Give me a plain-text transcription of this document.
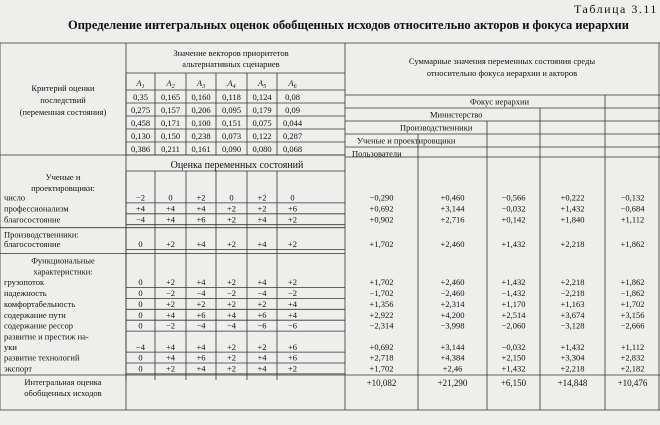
Таблица 3.11
Определение интегральных оценок обобщенных исходов относительно акторов и фокуса иерархии
Значение векторов приоритетов
альтернативных сценариев	Суммарные значения переменных состояния среды
относительно фокуса иерархии и акторов
$A_1$	$A_2$	$A_3$	$A_4$	$A_5$	$A_6$
Критерий оценки
последствий
(переменная состояния)
0,35 0,165 0,160 0,118 0,124 0,08
0,275 0,157 0,206 0,095 0,179 0,09
0,458 0,171 0,100 0,151 0,075 0,044
0,130 0,150 0,238 0,073 0,122 0,287
0,386 0,211 0,161 0,090 0,080 0,068
Фокус иерархии
Министерство
Производственники
Ученые и проектировщики
Пользователи
Оценка переменных состояний
Ученые и
проектировщики:
число	−2	0	+2	0	+2	0	−0,290	+0,460	−0,566	+0,222	−0,132
профессионализм	+4 +4	+4	+2	+2	+6	+0,692	+3,144	−0,032	+1,432	−0,684
благосостояние	−4 +4	+6	+2	+4	+2	+0,902	+2,716	+0,142	+1,840	+1,112
Производственники:
благосостояние	0	+2	+4	+2	+4	+2	+1,702	+2,460	+1,432	+2,218	+1,862
Функциональные
характеристики:
грузопоток	0	+2	+4	+2	+4	+2	+1,702	+2,460	+1,432	+2,218	+1,862
надежность	0	−2	−4	−2	−4	−2	−1,702	−2,460	−1,432	−2,218	−1,862
комфортабельность	0	+2	+2	+2	+2	+4	+1,356	+2,314	+1,170	+1,163	+1,702
содержание пути	0	+4	+6	+4	+6	+4	+2,922	+4,200	+2,514	+3,674	+3,156
содержание рессор	0	−2	−4	−4	−6	−6	−2,314	−3,998	−2,060	−3,128	−2,666
развитие и престиж на-
уки	−4 +4	+4	+2	+2	+6	+0,692	+3,144	−0,032	+1,432	+1,112
развитие технологий	0	+4	+6	+2	+4	+6	+2,718	+4,384	+2,150	+3,304	+2,832
экспорт	0	+2	+4	+2	+4	+2	+1,702	+2,46	+1,432	+2,218	+2,182
Интегральная оценка
обобщенных исходов
+10,082	+21,290	+6,150	+14,848	+10,476
